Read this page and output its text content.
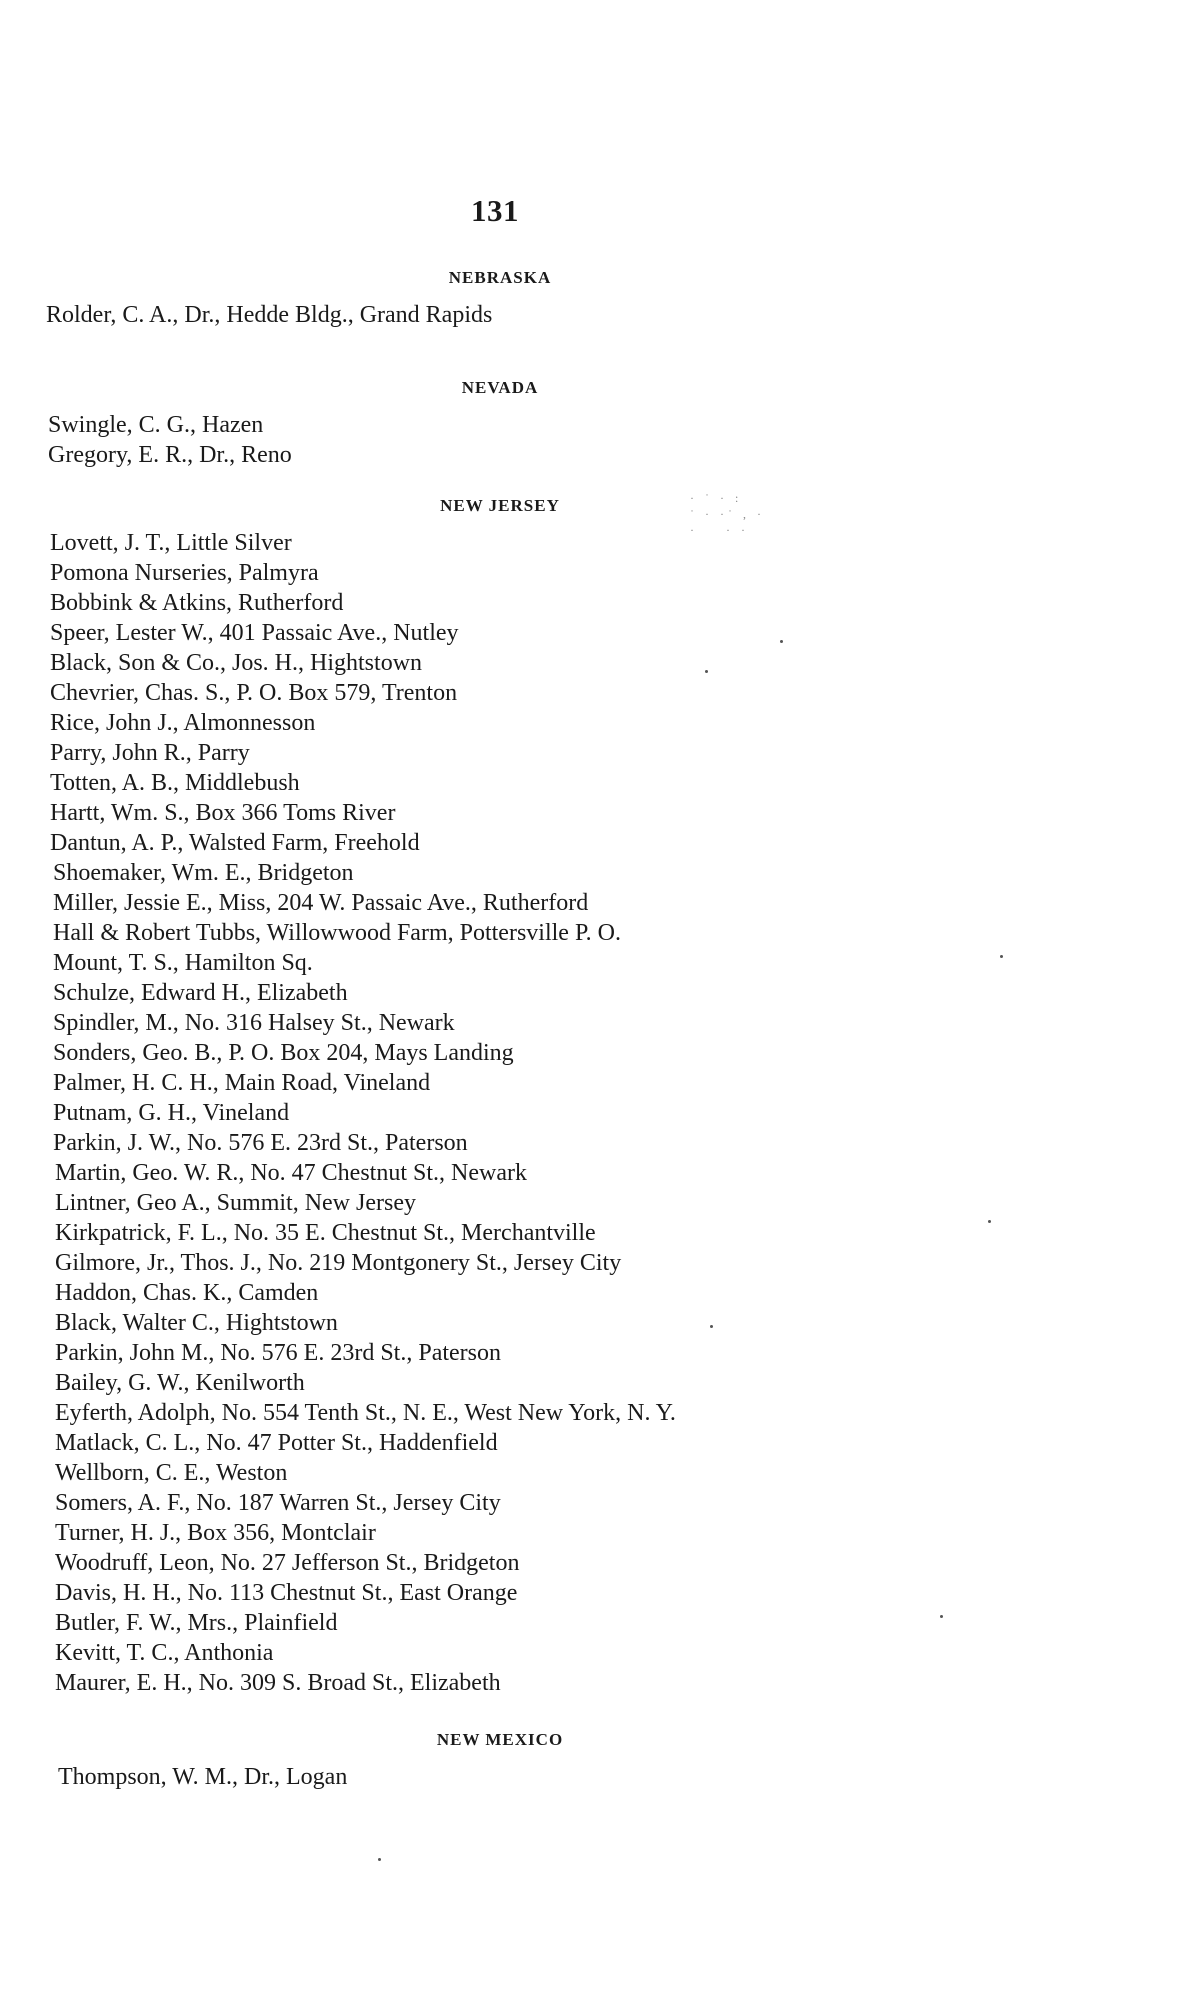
131
NEBRASKA
Rolder, C. A., Dr., Hedde Bldg., Grand Rapids
NEVADA
Swingle, C. G., Hazen
Gregory, E. R., Dr., Reno
NEW JERSEY
Lovett, J. T., Little Silver
Pomona Nurseries, Palmyra
Bobbink & Atkins, Rutherford
Speer, Lester W., 401 Passaic Ave., Nutley
Black, Son & Co., Jos. H., Hightstown
Chevrier, Chas. S., P. O. Box 579, Trenton
Rice, John J., Almonnesson
Parry, John R., Parry
Totten, A. B., Middlebush
Hartt, Wm. S., Box 366 Toms River
Dantun, A. P., Walsted Farm, Freehold
Shoemaker, Wm. E., Bridgeton
Miller, Jessie E., Miss, 204 W. Passaic Ave., Rutherford
Hall & Robert Tubbs, Willowwood Farm, Pottersville P. O.
Mount, T. S., Hamilton Sq.
Schulze, Edward H., Elizabeth
Spindler, M., No. 316 Halsey St., Newark
Sonders, Geo. B., P. O. Box 204, Mays Landing
Palmer, H. C. H., Main Road, Vineland
Putnam, G. H., Vineland
Parkin, J. W., No. 576 E. 23rd St., Paterson
Martin, Geo. W. R., No. 47 Chestnut St., Newark
Lintner, Geo A., Summit, New Jersey
Kirkpatrick, F. L., No. 35 E. Chestnut St., Merchantville
Gilmore, Jr., Thos. J., No. 219 Montgonery St., Jersey City
Haddon, Chas. K., Camden
Black, Walter C., Hightstown
Parkin, John M., No. 576 E. 23rd St., Paterson
Bailey, G. W., Kenilworth
Eyferth, Adolph, No. 554 Tenth St., N. E., West New York, N. Y.
Matlack, C. L., No. 47 Potter St., Haddenfield
Wellborn, C. E., Weston
Somers, A. F., No. 187 Warren St., Jersey City
Turner, H. J., Box 356, Montclair
Woodruff, Leon, No. 27 Jefferson St., Bridgeton
Davis, H. H., No. 113 Chestnut St., East Orange
Butler, F. W., Mrs., Plainfield
Kevitt, T. C., Anthonia
Maurer, E. H., No. 309 S. Broad St., Elizabeth
NEW MEXICO
Thompson, W. M., Dr., Logan
· ˙ · :
˙ · ·˙ , ·
·    · ·
